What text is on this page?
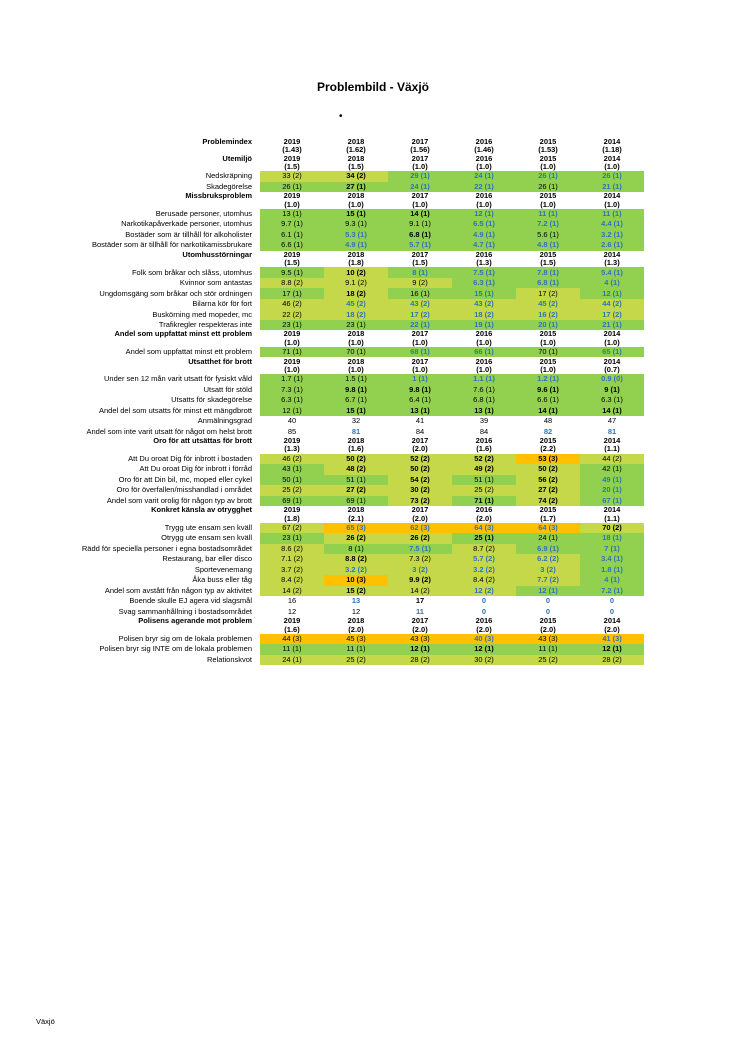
Problembild - Växjö
•
Problemindex	2019	2018	2017	2016	2015	2014
	(1.43)	(1.62)	(1.56)	(1.46)	(1.53)	(1.18)
Utemiljö	2019	2018	2017	2016	2015	2014
	(1.5)	(1.5)	(1.0)	(1.0)	(1.0)	(1.0)
Nedskräpning	33 (2)	34 (2)	29 (1)	24 (1)	26 (1)	26 (1)
Skadegörelse	26 (1)	27 (1)	24 (1)	22 (1)	26 (1)	21 (1)
Missbruksproblem	2019	2018	2017	2016	2015	2014
	(1.0)	(1.0)	(1.0)	(1.0)	(1.0)	(1.0)
Berusade personer, utomhus	13 (1)	15 (1)	14 (1)	12 (1)	11 (1)	11 (1)
Narkotikapåverkade personer, utomhus	9.7 (1)	9.3 (1)	9.1 (1)	6.5 (1)	7.2 (1)	4.4 (1)
Bostäder som är tillhåll för alkoholister	6.1 (1)	5.3 (1)	6.8 (1)	4.9 (1)	5.6 (1)	3.2 (1)
Bostäder som är tillhåll för narkotikamissbrukare	6.6 (1)	4.9 (1)	5.7 (1)	4.7 (1)	4.8 (1)	2.6 (1)
Utomhusstörningar	2019	2018	2017	2016	2015	2014
	(1.5)	(1.8)	(1.5)	(1.3)	(1.5)	(1.3)
Folk som bråkar och slåss, utomhus	9.5 (1)	10 (2)	8 (1)	7.5 (1)	7.8 (1)	5.4 (1)
Kvinnor som antastas	8.8 (2)	9.1 (2)	9 (2)	6.3 (1)	6.8 (1)	4 (1)
Ungdomsgäng som bråkar och stör ordningen	17 (1)	18 (2)	16 (1)	15 (1)	17 (2)	12 (1)
Bilarna kör för fort	46 (2)	45 (2)	43 (2)	43 (2)	45 (2)	44 (2)
Buskörning med mopeder, mc	22 (2)	18 (2)	17 (2)	18 (2)	16 (2)	17 (2)
Trafikregler respekteras inte	23 (1)	23 (1)	22 (1)	19 (1)	20 (1)	21 (1)
Andel som uppfattat minst ett problem	2019	2018	2017	2016	2015	2014
	(1.0)	(1.0)	(1.0)	(1.0)	(1.0)	(1.0)
Andel som uppfattat minst ett problem	71 (1)	70 (1)	68 (1)	66 (1)	70 (1)	65 (1)
Utsatthet för brott	2019	2018	2017	2016	2015	2014
	(1.0)	(1.0)	(1.0)	(1.0)	(1.0)	(0.7)
Under sen 12 mån varit utsatt för fysiskt våld	1.7 (1)	1.5 (1)	1 (1)	1.1 (1)	1.2 (1)	0.9 (0)
Utsatt för stöld	7.3 (1)	9.8 (1)	9.8 (1)	7.6 (1)	9.6 (1)	9 (1)
Utsatts för skadegörelse	6.3 (1)	6.7 (1)	6.4 (1)	6.8 (1)	6.6 (1)	6.3 (1)
Andel del som utsatts för minst ett mängdbrott	12 (1)	15 (1)	13 (1)	13 (1)	14 (1)	14 (1)
Anmälningsgrad	40	32	41	39	48	47
Andel som inte varit utsatt för något om helst brott	85	81	84	84	82	81
Oro för att utsättas för brott	2019	2018	2017	2016	2015	2014
	(1.3)	(1.6)	(2.0)	(1.6)	(2.2)	(1.1)
Att Du oroat Dig för inbrott i bostaden	46 (2)	50 (2)	52 (2)	52 (2)	53 (3)	44 (2)
Att Du oroat Dig för inbrott i förråd	43 (1)	48 (2)	50 (2)	49 (2)	50 (2)	42 (1)
Oro för att Din bil, mc, moped eller cykel	50 (1)	51 (1)	54 (2)	51 (1)	56 (2)	49 (1)
Oro för överfallen/misshandlad i området	25 (2)	27 (2)	30 (2)	25 (2)	27 (2)	20 (1)
Andel som varit orolig för någon typ av brott	69 (1)	69 (1)	73 (2)	71 (1)	74 (2)	67 (1)
Konkret känsla av otrygghet	2019	2018	2017	2016	2015	2014
	(1.8)	(2.1)	(2.0)	(2.0)	(1.7)	(1.1)
Trygg ute ensam sen kväll	67 (2)	65 (3)	62 (3)	64 (3)	64 (3)	70 (2)
Otrygg ute ensam sen kväll	23 (1)	26 (2)	26 (2)	25 (1)	24 (1)	18 (1)
Rädd för speciella personer i egna bostadsområdet	8.6 (2)	8 (1)	7.5 (1)	8.7 (2)	6.9 (1)	7 (1)
Restaurang, bar eller disco	7.1 (2)	8.8 (2)	7.3 (2)	5.7 (2)	6.2 (2)	3.4 (1)
Sportevenemang	3.7 (2)	3.2 (2)	3 (2)	3.2 (2)	3 (2)	1.8 (1)
Åka buss eller tåg	8.4 (2)	10 (3)	9.9 (2)	8.4 (2)	7.7 (2)	4 (1)
Andel som avstått från någon typ av aktivitet	14 (2)	15 (2)	14 (2)	12 (2)	12 (1)	7.2 (1)
Boende skulle EJ agera vid slagsmål	16	13	17	0	0	0
Svag sammanhållning i bostadsområdet	12	12	11	0	0	0
Polisens agerande mot problem	2019	2018	2017	2016	2015	2014
	(1.6)	(2.0)	(2.0)	(2.0)	(2.0)	(2.0)
Polisen bryr sig om de lokala problemen	44 (3)	45 (3)	43 (3)	40 (3)	43 (3)	41 (3)
Polisen bryr sig INTE om de lokala problemen	11 (1)	11 (1)	12 (1)	12 (1)	11 (1)	12 (1)
Relationskvot	24 (1)	25 (2)	28 (2)	30 (2)	25 (2)	28 (2)
Växjö
